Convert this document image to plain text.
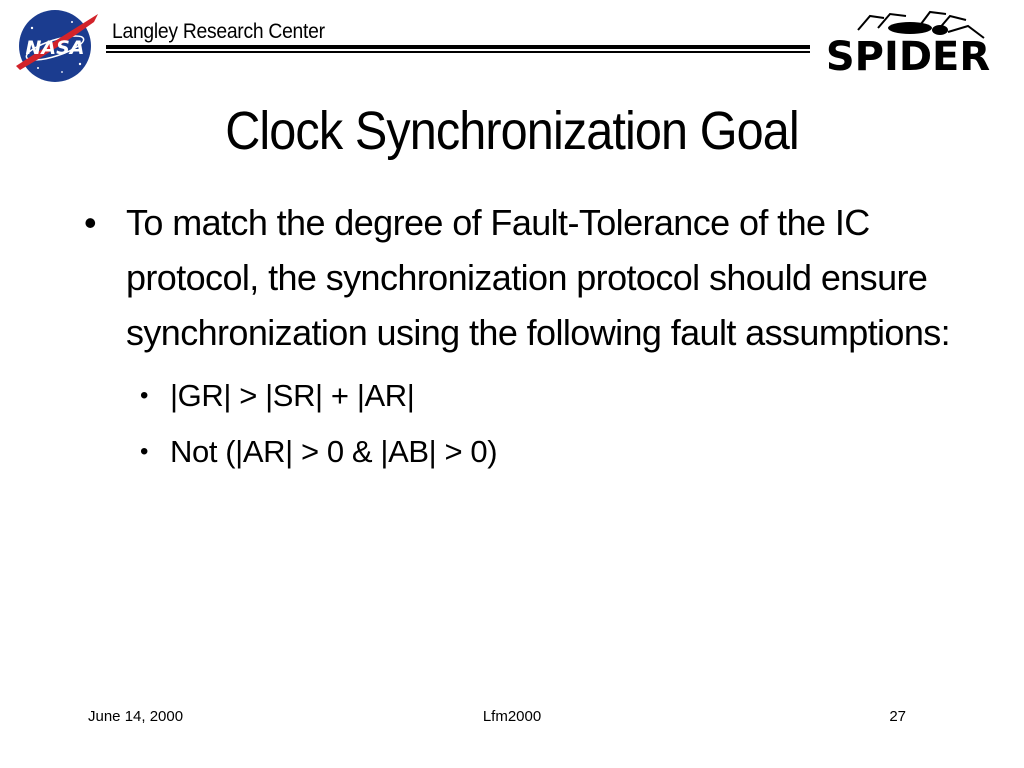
NASA
Langley Research Center
SPIDER
Clock Synchronization Goal
• To match the degree of Fault-Tolerance of the IC protocol, the synchronization protocol should ensure synchronization using the following fault assumptions:
• |GR| > |SR| + |AR|
• Not (|AR| > 0 & |AB| > 0)
June 14, 2000	Lfm2000	27
